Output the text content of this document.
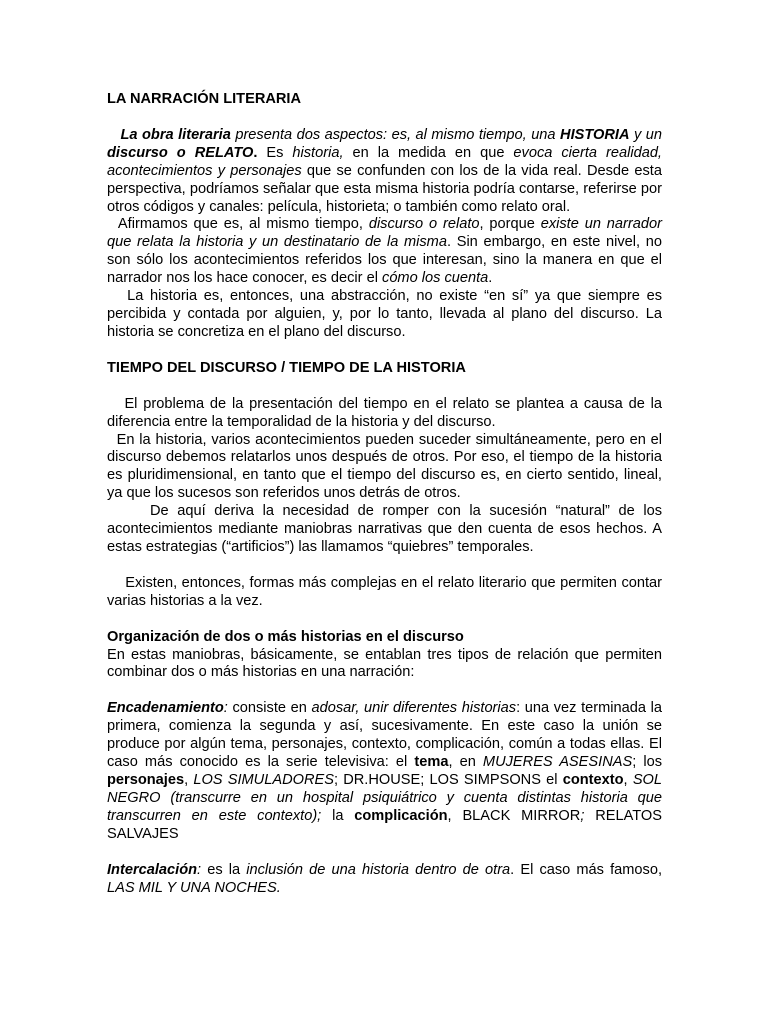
LA NARRACIÓN LITERARIA

La obra literaria presenta dos aspectos: es, al mismo tiempo, una HISTORIA y un discurso o RELATO. Es historia, en la medida en que evoca cierta realidad, acontecimientos y personajes que se confunden con los de la vida real. Desde esta perspectiva, podríamos señalar que esta misma historia podría contarse, referirse por otros códigos y canales: película, historieta; o también como relato oral.

Afirmamos que es, al mismo tiempo, discurso o relato, porque existe un narrador que relata la historia y un destinatario de la misma. Sin embargo, en este nivel, no son sólo los acontecimientos referidos los que interesan, sino la manera en que el narrador nos los hace conocer, es decir el cómo los cuenta.

La historia es, entonces, una abstracción, no existe “en sí” ya que siempre es percibida y contada por alguien, y, por lo tanto, llevada al plano del discurso. La historia se concretiza en el plano del discurso.

TIEMPO DEL DISCURSO / TIEMPO DE LA HISTORIA

El problema de la presentación del tiempo en el relato se plantea a causa de la diferencia entre la temporalidad de la historia y del discurso.

En la historia, varios acontecimientos pueden suceder simultáneamente, pero en el discurso debemos relatarlos unos después de otros. Por eso, el tiempo de la historia es pluridimensional, en tanto que el tiempo del discurso es, en cierto sentido, lineal, ya que los sucesos son referidos unos detrás de otros.

De aquí deriva la necesidad de romper con la sucesión “natural” de los acontecimientos mediante maniobras narrativas que den cuenta de esos hechos. A estas estrategias (“artificios”) las llamamos “quiebres” temporales.

Existen, entonces, formas más complejas en el relato literario que permiten contar varias historias a la vez.

Organización de dos o más historias en el discurso

En estas maniobras, básicamente, se entablan tres tipos de relación que permiten combinar dos o más historias en una narración:

Encadenamiento: consiste en adosar, unir diferentes historias: una vez terminada la primera, comienza la segunda y así, sucesivamente. En este caso la unión se produce por algún tema, personajes, contexto, complicación, común a todas ellas. El caso más conocido es la serie televisiva: el tema, en MUJERES ASESINAS; los personajes, LOS SIMULADORES; DR.HOUSE; LOS SIMPSONS el contexto, SOL NEGRO (transcurre en un hospital psiquiátrico y cuenta distintas historia que transcurren en este contexto); la complicación, BLACK MIRROR; RELATOS SALVAJES

Intercalación: es la inclusión de una historia dentro de otra. El caso más famoso, LAS MIL Y UNA NOCHES.
